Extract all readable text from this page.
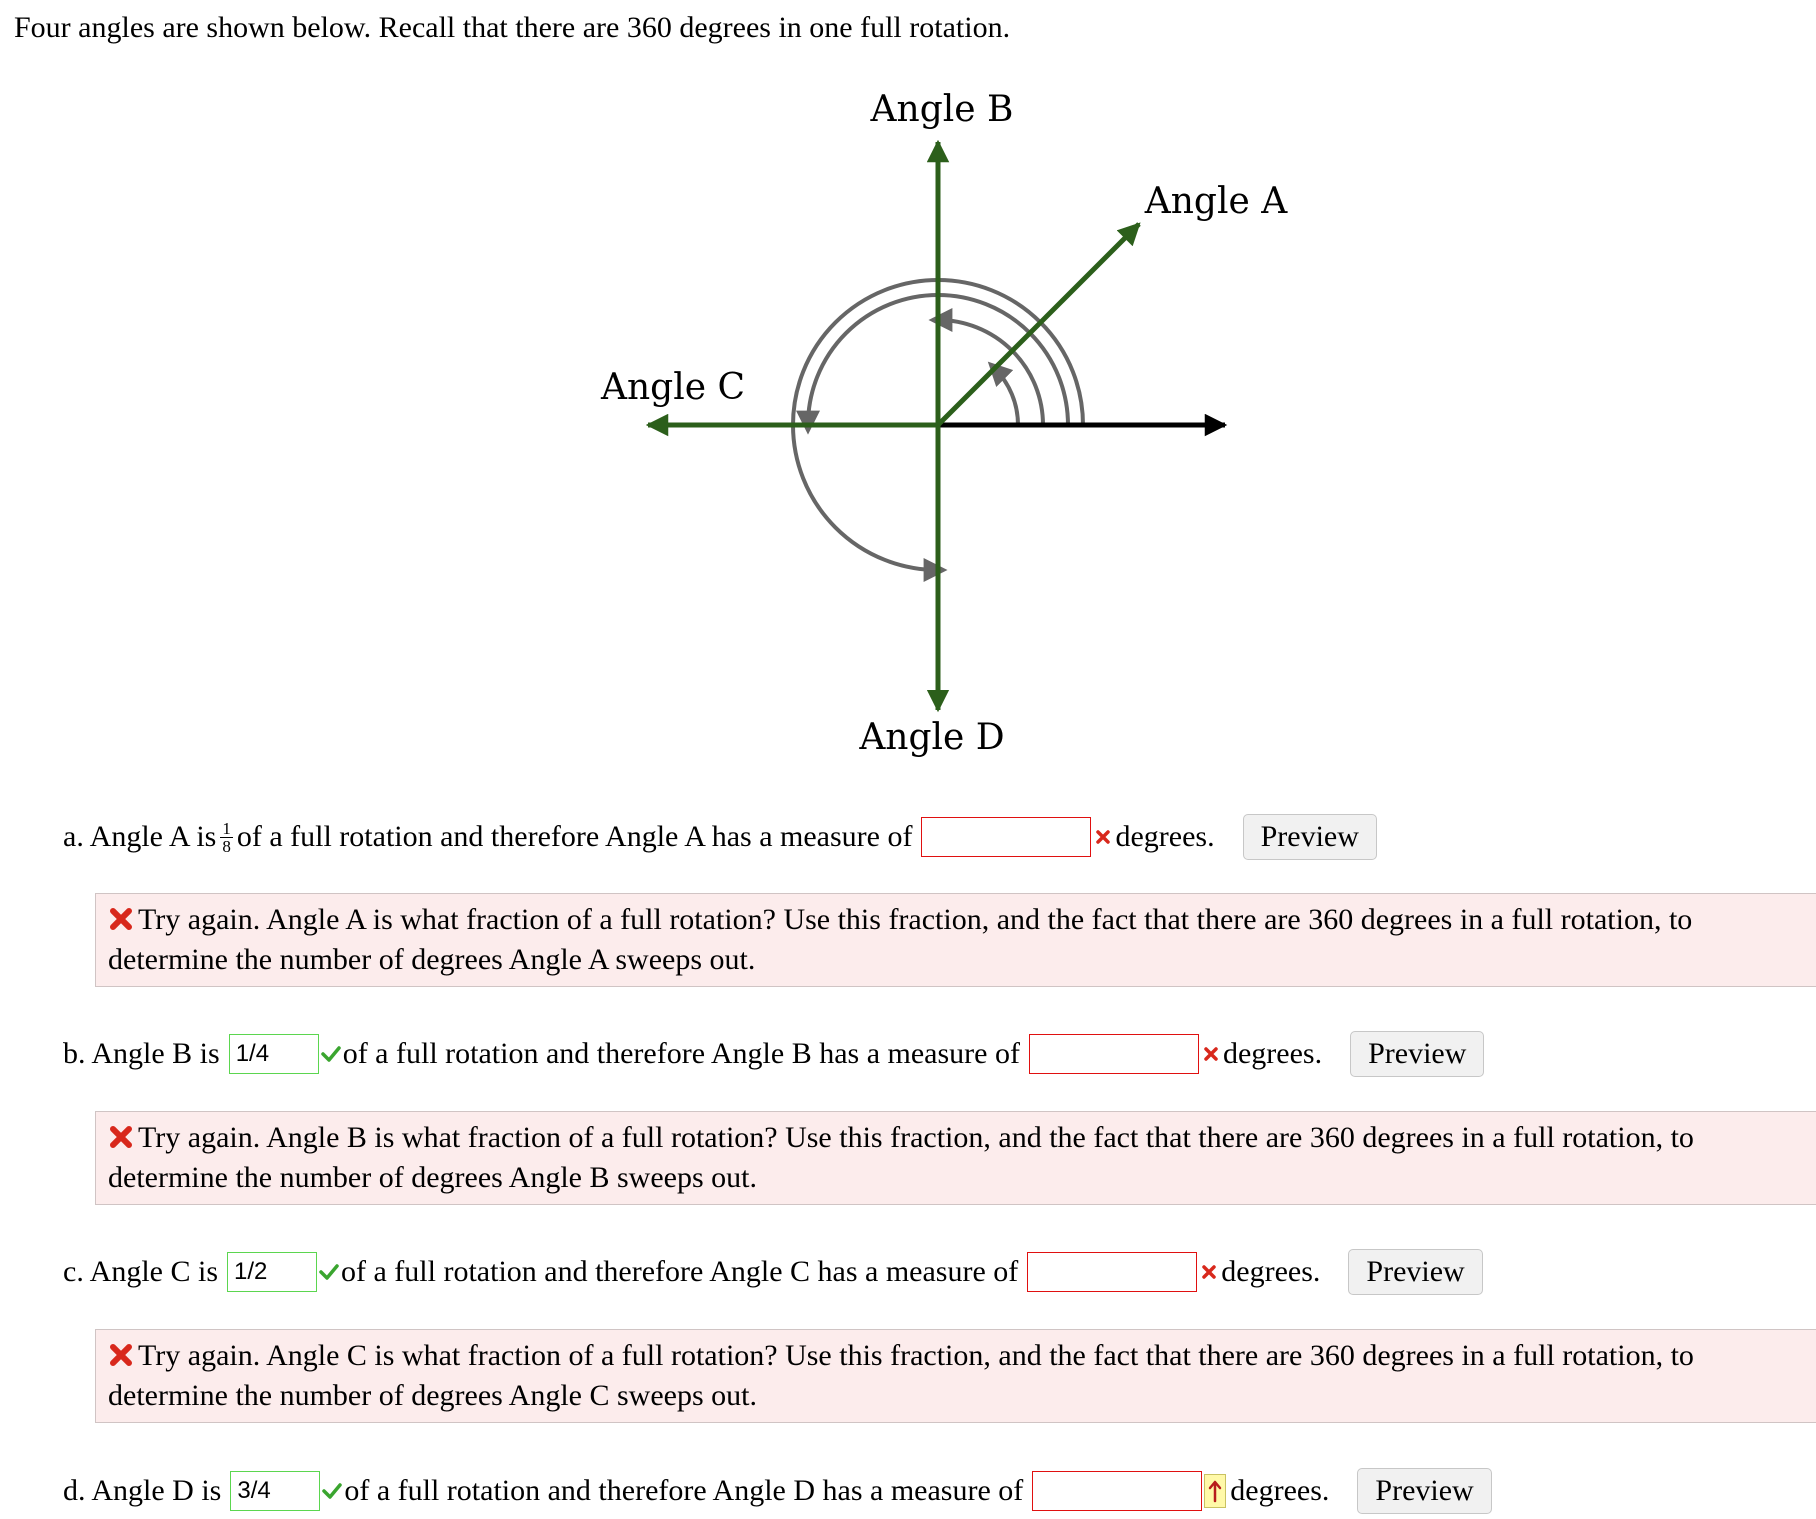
Four angles are shown below. Recall that there are 360 degrees in one full rotation.
Angle B
Angle A
Angle C
Angle D
a. Angle A is $\frac{1}{8}$ of a full rotation and therefore Angle A has a measure of	degrees.	Preview
Try again. Angle A is what fraction of a full rotation? Use this fraction, and the fact that there are 360 degrees in a full rotation, to determine the number of degrees Angle A sweeps out.
b. Angle B is 1/4	of a full rotation and therefore Angle B has a measure of	degrees.	Preview
Try again. Angle B is what fraction of a full rotation? Use this fraction, and the fact that there are 360 degrees in a full rotation, to determine the number of degrees Angle B sweeps out.
c. Angle C is 1/2	of a full rotation and therefore Angle C has a measure of	degrees.	Preview
Try again. Angle C is what fraction of a full rotation? Use this fraction, and the fact that there are 360 degrees in a full rotation, to determine the number of degrees Angle C sweeps out.
d. Angle D is 3/4	of a full rotation and therefore Angle D has a measure of	degrees.	Preview
